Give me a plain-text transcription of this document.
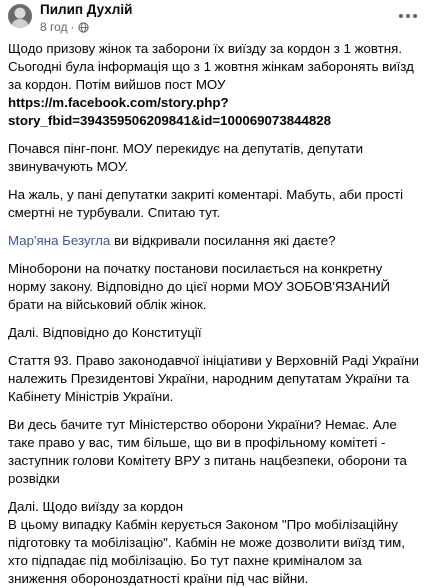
Пилип Духлій
8 год ·

Щодо призову жінок та заборони їх виїзду за кордон з 1 жовтня. Сьогодні була інформація що з 1 жовтня жінкам заборонять виїзд за кордон. Потім вийшов пост МОУ
https://m.facebook.com/story.php?
story_fbid=394359506209841&id=100069073844828

Почався пінг-понг. МОУ перекидує на депутатів, депутати звинувачують МОУ.

На жаль, у пані депутатки закриті коментарі. Мабуть, аби прості смертні не турбували. Спитаю тут.

Мар'яна Безугла ви відкривали посилання які даєте?

Міноборони на початку постанови посилається на конкретну норму закону. Відповідно до цієї норми МОУ ЗОБОВ'ЯЗАНИЙ брати на військовий облік жінок.

Далі. Відповідно до Конституції

Стаття 93. Право законодавчої ініціативи у Верховній Раді України належить Президентові України, народним депутатам України та Кабінету Міністрів України.

Ви десь бачите тут Міністерство оборони України? Немає. Але таке право у вас, тим більше, що ви в профільному комітеті - заступник голови Комітету ВРУ з питань нацбезпеки, оборони та розвідки

Далі. Щодо виїзду за кордон
В цьому випадку Кабмін керується Законом "Про мобілізаційну підготовку та мобілізацію". Кабмін не може дозволити виїзд тим, хто підпадає під мобілізацію. Бо тут пахне криміналом за зниження обороноздатності країни під час війни.
